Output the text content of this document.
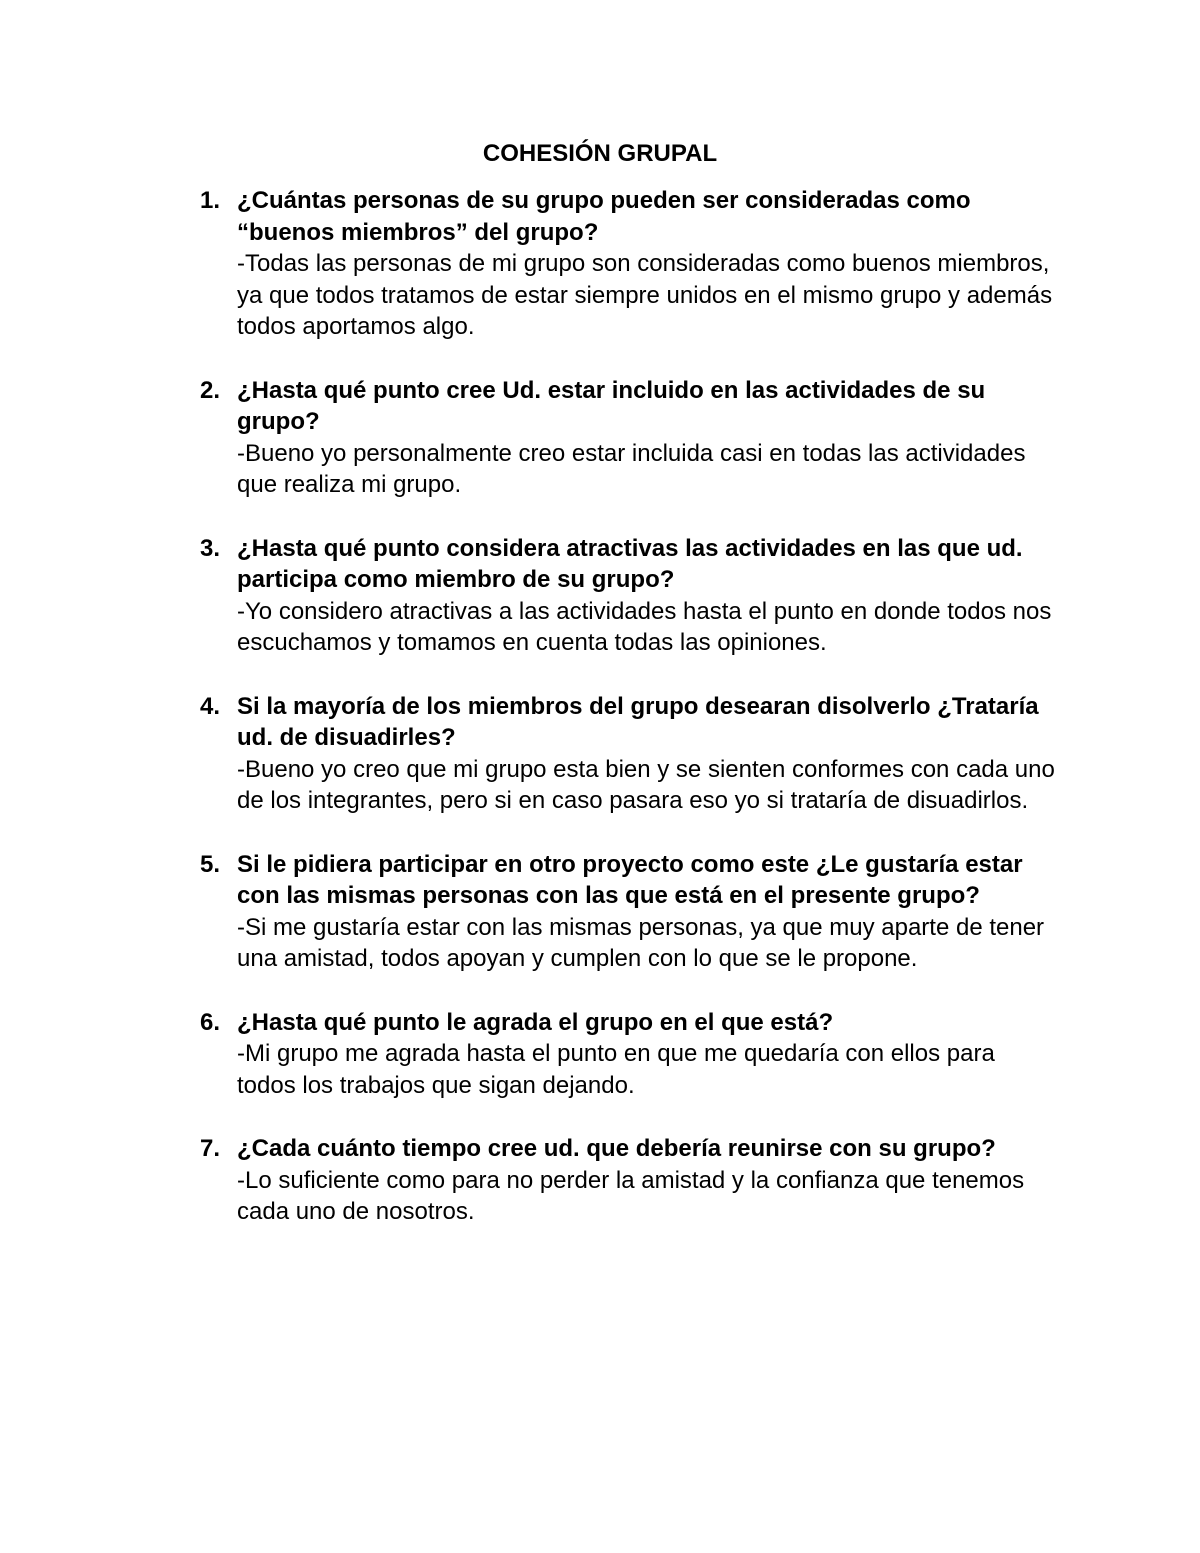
COHESIÓN GRUPAL
1. ¿Cuántas personas de su grupo pueden ser consideradas como “buenos miembros” del grupo?
-Todas las personas de mi grupo son consideradas como buenos miembros, ya que todos tratamos de estar siempre unidos en el mismo grupo y además todos aportamos algo.
2. ¿Hasta qué punto cree Ud. estar incluido en las actividades de su grupo?
-Bueno yo personalmente creo estar incluida casi en todas las actividades que realiza mi grupo.
3. ¿Hasta qué punto considera atractivas las actividades en las que ud. participa como miembro de su grupo?
-Yo considero atractivas a las actividades hasta el punto en donde todos nos escuchamos y tomamos en cuenta todas las opiniones.
4. Si la mayoría de los miembros del grupo desearan disolverlo ¿Trataría ud. de disuadirles?
-Bueno yo creo que mi grupo esta bien y se sienten conformes con cada uno de los integrantes, pero si en caso pasara eso yo si trataría de disuadirlos.
5. Si le pidiera participar en otro proyecto como este ¿Le gustaría estar con las mismas personas con las que está en el presente grupo?
-Si me gustaría estar con las mismas personas, ya que muy aparte de tener una amistad, todos apoyan y cumplen con lo que se le propone.
6. ¿Hasta qué punto le agrada el grupo en el que está?
-Mi grupo me agrada hasta el punto en que me quedaría con ellos para todos los trabajos que sigan dejando.
7. ¿Cada cuánto tiempo cree ud. que debería reunirse con su grupo?
-Lo suficiente como para no perder la amistad y la confianza que tenemos cada uno de nosotros.
